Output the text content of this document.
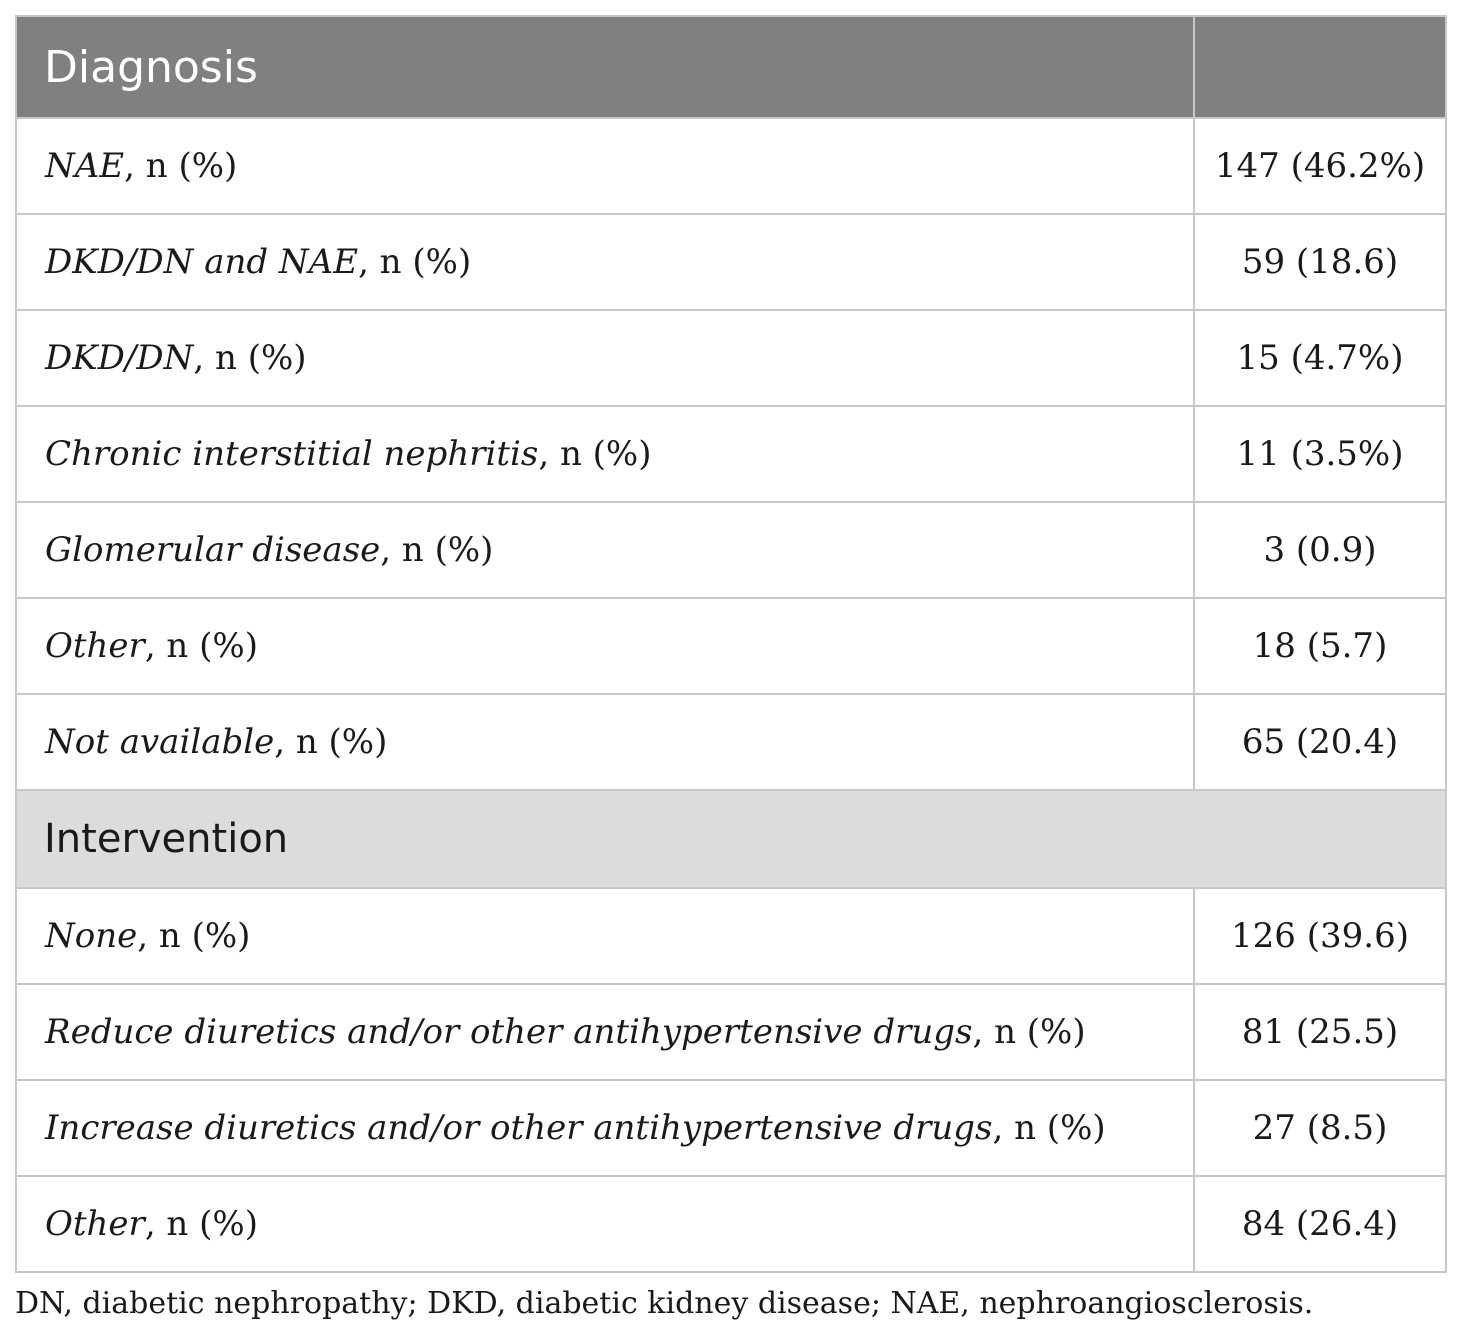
Diagnosis	
NAE, n (%)	147 (46.2%)
DKD/DN and NAE, n (%)	59 (18.6)
DKD/DN, n (%)	15 (4.7%)
Chronic interstitial nephritis, n (%)	11 (3.5%)
Glomerular disease, n (%)	3 (0.9)
Other, n (%)	18 (5.7)
Not available, n (%)	65 (20.4)
Intervention	
None, n (%)	126 (39.6)
Reduce diuretics and/or other antihypertensive drugs, n (%)	81 (25.5)
Increase diuretics and/or other antihypertensive drugs, n (%)	27 (8.5)
Other, n (%)	84 (26.4)
DN, diabetic nephropathy; DKD, diabetic kidney disease; NAE, nephroangiosclerosis.
